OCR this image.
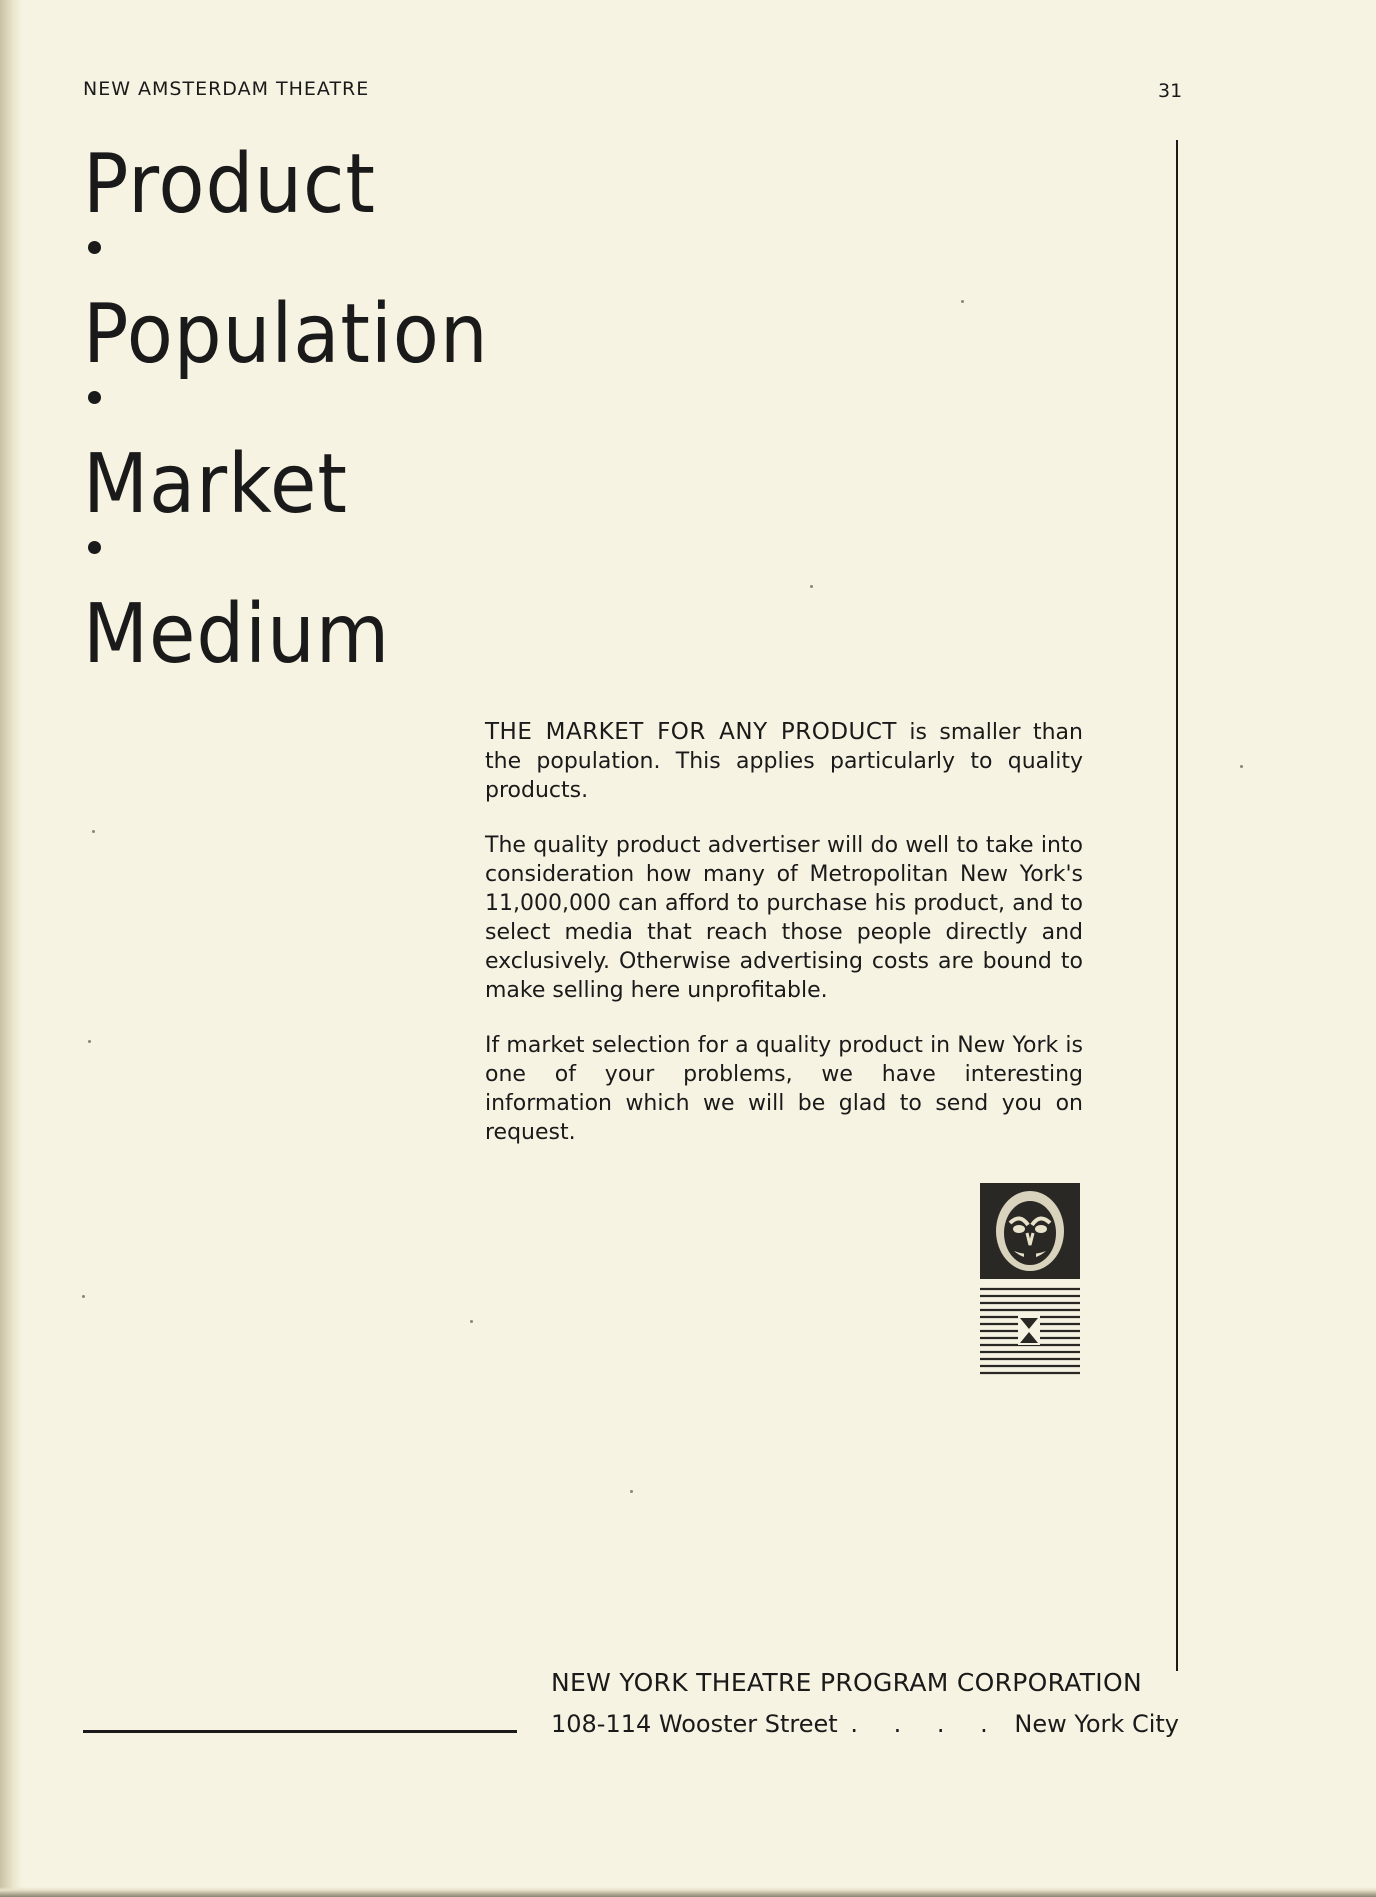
NEW AMSTERDAM THEATRE	31
Product
Population
Market
Medium

THE MARKET FOR ANY PRODUCT is smaller than the population. This applies particularly to quality products.

The quality product advertiser will do well to take into consideration how many of Metropolitan New York's 11,000,000 can afford to purchase his product, and to select media that reach those people directly and exclusively. Otherwise advertising costs are bound to make selling here unprofitable.

If market selection for a quality product in New York is one of your problems, we have interesting information which we will be glad to send you on request.

NEW YORK THEATRE PROGRAM CORPORATION
108-114 Wooster Street . . . . New York City
